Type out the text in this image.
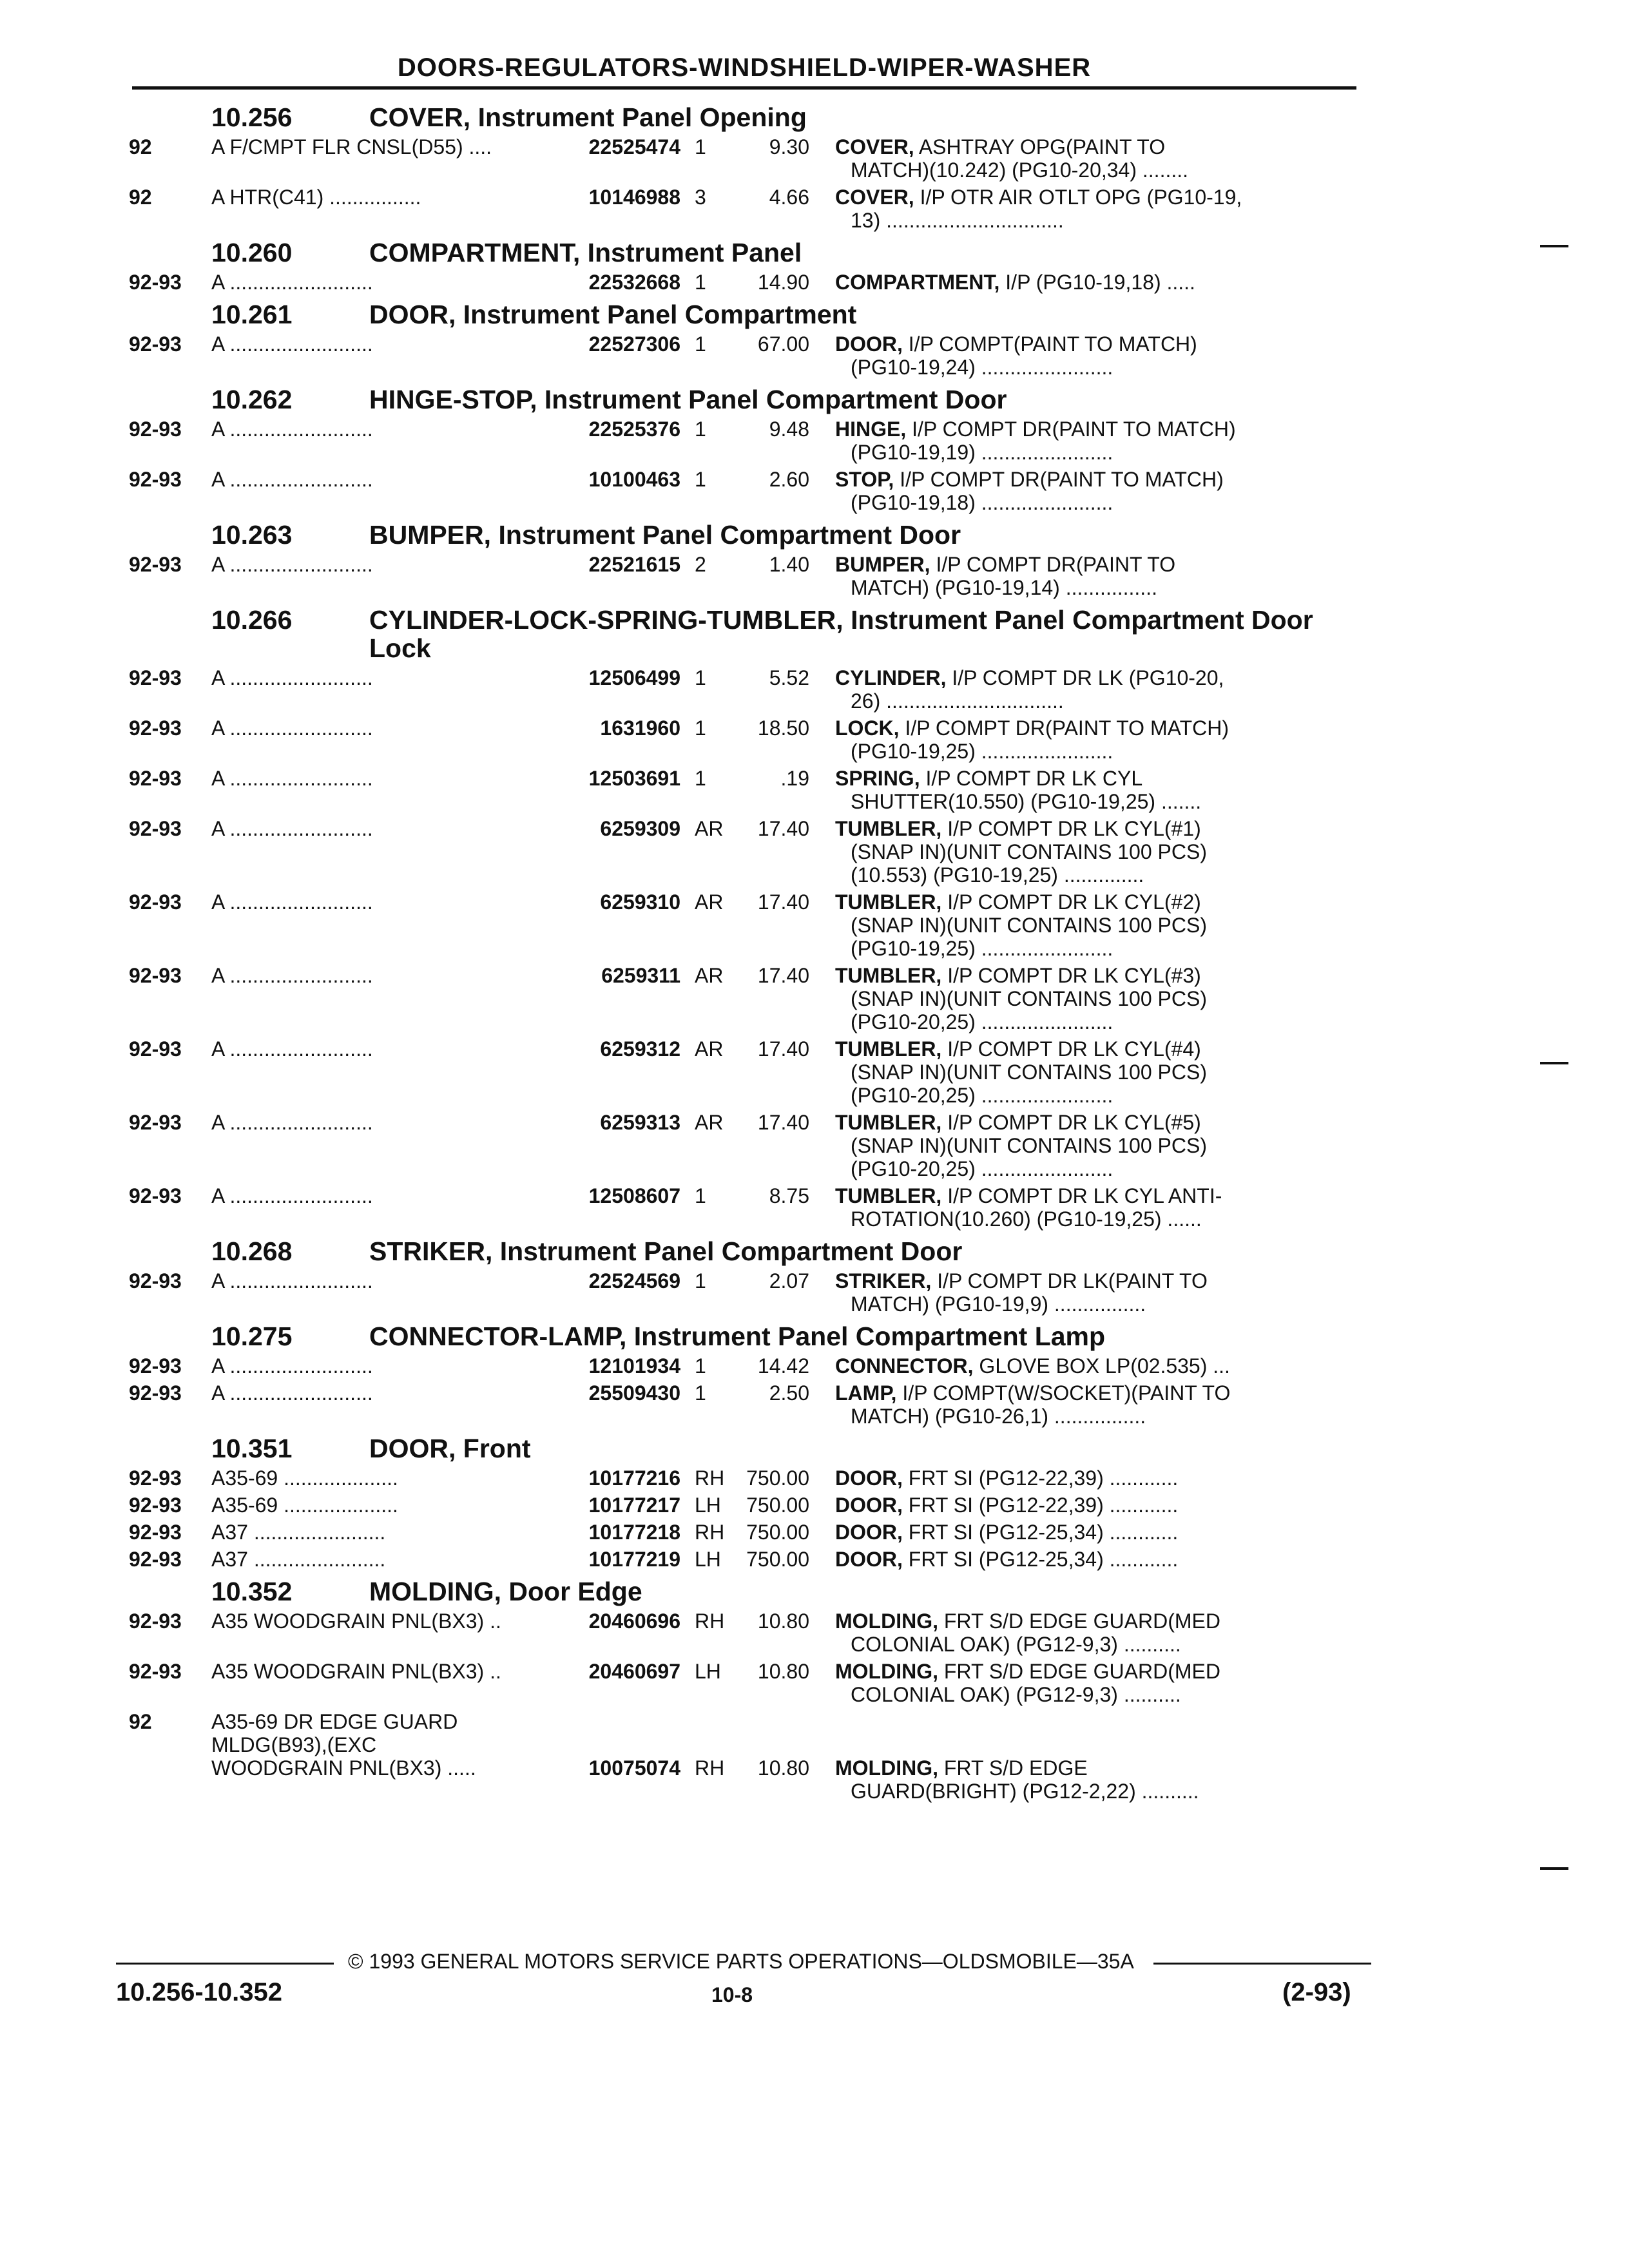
DOORS-REGULATORS-WINDSHIELD-WIPER-WASHER
10.256	COVER, Instrument Panel Opening
92	A F/CMPT FLR CNSL(D55) ....	22525474 1	9.30 COVER, ASHTRAY OPG(PAINT TO
MATCH)(10.242) (PG10-20,34) ........
92	A HTR(C41) ................	10146988 3	4.66 COVER, I/P OTR AIR OTLT OPG (PG10-19,
13) ...............................
10.260	COMPARTMENT, Instrument Panel
92-93	A .........................	22532668 1	14.90 COMPARTMENT, I/P (PG10-19,18) .....
10.261	DOOR, Instrument Panel Compartment
92-93	A .........................	22527306 1	67.00 DOOR, I/P COMPT(PAINT TO MATCH)
(PG10-19,24) .......................
10.262	HINGE-STOP, Instrument Panel Compartment Door
92-93	A .........................	22525376 1	9.48 HINGE, I/P COMPT DR(PAINT TO MATCH)
(PG10-19,19) .......................
92-93	A .........................	10100463 1	2.60 STOP, I/P COMPT DR(PAINT TO MATCH)
(PG10-19,18) .......................
10.263	BUMPER, Instrument Panel Compartment Door
92-93	A .........................	22521615 2	1.40 BUMPER, I/P COMPT DR(PAINT TO
MATCH) (PG10-19,14) ................
10.266	CYLINDER-LOCK-SPRING-TUMBLER, Instrument Panel Compartment Door Lock
92-93	A .........................	12506499 1	5.52 CYLINDER, I/P COMPT DR LK (PG10-20,
26) ...............................
92-93	A .........................	1631960 1	18.50 LOCK, I/P COMPT DR(PAINT TO MATCH)
(PG10-19,25) .......................
92-93	A .........................	12503691 1	.19 SPRING, I/P COMPT DR LK CYL
SHUTTER(10.550) (PG10-19,25) .......
92-93	A .........................	6259309 AR	17.40 TUMBLER, I/P COMPT DR LK CYL(#1)
(SNAP IN)(UNIT CONTAINS 100 PCS)
(10.553) (PG10-19,25) ..............
92-93	A .........................	6259310 AR	17.40 TUMBLER, I/P COMPT DR LK CYL(#2)
(SNAP IN)(UNIT CONTAINS 100 PCS)
(PG10-19,25) .......................
92-93	A .........................	6259311 AR	17.40 TUMBLER, I/P COMPT DR LK CYL(#3)
(SNAP IN)(UNIT CONTAINS 100 PCS)
(PG10-20,25) .......................
92-93	A .........................	6259312 AR	17.40 TUMBLER, I/P COMPT DR LK CYL(#4)
(SNAP IN)(UNIT CONTAINS 100 PCS)
(PG10-20,25) .......................
92-93	A .........................	6259313 AR	17.40 TUMBLER, I/P COMPT DR LK CYL(#5)
(SNAP IN)(UNIT CONTAINS 100 PCS)
(PG10-20,25) .......................
92-93	A .........................	12508607 1	8.75 TUMBLER, I/P COMPT DR LK CYL ANTI-
ROTATION(10.260) (PG10-19,25) ......
10.268	STRIKER, Instrument Panel Compartment Door
92-93	A .........................	22524569 1	2.07 STRIKER, I/P COMPT DR LK(PAINT TO
MATCH) (PG10-19,9) ................
10.275	CONNECTOR-LAMP, Instrument Panel Compartment Lamp
92-93	A .........................	12101934 1	14.42 CONNECTOR, GLOVE BOX LP(02.535) ...
92-93	A .........................	25509430 1	2.50 LAMP, I/P COMPT(W/SOCKET)(PAINT TO
MATCH) (PG10-26,1) ................
10.351	DOOR, Front
92-93	A35-69 ....................	10177216 RH	750.00 DOOR, FRT SI (PG12-22,39) ............
92-93	A35-69 ....................	10177217 LH	750.00 DOOR, FRT SI (PG12-22,39) ............
92-93	A37 .......................	10177218 RH	750.00 DOOR, FRT SI (PG12-25,34) ............
92-93	A37 .......................	10177219 LH	750.00 DOOR, FRT SI (PG12-25,34) ............
10.352	MOLDING, Door Edge
92-93	A35 WOODGRAIN PNL(BX3) ..	20460696 RH	10.80 MOLDING, FRT S/D EDGE GUARD(MED
COLONIAL OAK) (PG12-9,3) ..........
92-93	A35 WOODGRAIN PNL(BX3) ..	20460697 LH	10.80 MOLDING, FRT S/D EDGE GUARD(MED
COLONIAL OAK) (PG12-9,3) ..........
92	A35-69 DR EDGE GUARD
MLDG(B93),(EXC
WOODGRAIN PNL(BX3) .....	10075074 RH	10.80 MOLDING, FRT S/D EDGE
GUARD(BRIGHT) (PG12-2,22) ..........
© 1993 GENERAL MOTORS SERVICE PARTS OPERATIONS—OLDSMOBILE—35A
10.256-10.352	10-8	(2-93)
